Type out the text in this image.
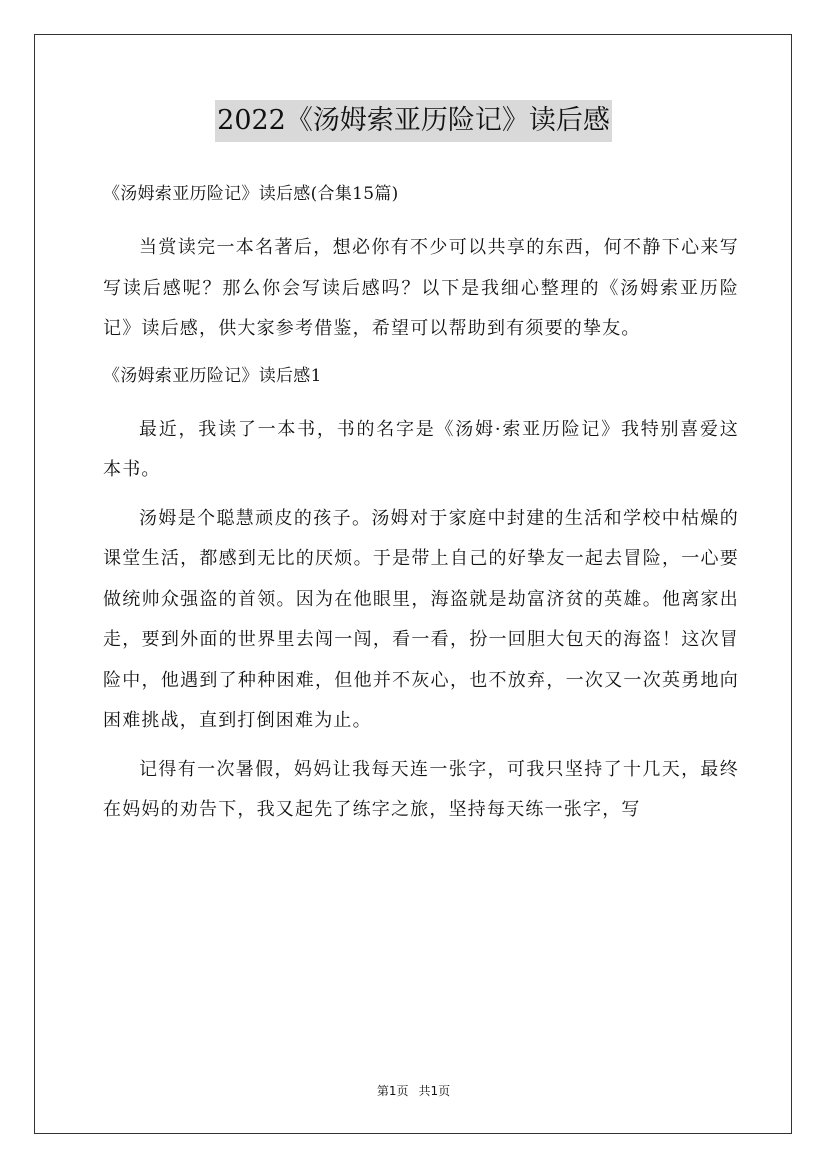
2022《汤姆索亚历险记》读后感

《汤姆索亚历险记》读后感(合集15篇)

当赏读完一本名著后，想必你有不少可以共享的东西，何不静下心来写写读后感呢？那么你会写读后感吗？以下是我细心整理的《汤姆索亚历险记》读后感，供大家参考借鉴，希望可以帮助到有须要的挚友。

《汤姆索亚历险记》读后感1

最近，我读了一本书，书的名字是《汤姆·索亚历险记》我特别喜爱这本书。

汤姆是个聪慧顽皮的孩子。汤姆对于家庭中封建的生活和学校中枯燥的课堂生活，都感到无比的厌烦。于是带上自己的好挚友一起去冒险，一心要做统帅众强盗的首领。因为在他眼里，海盗就是劫富济贫的英雄。他离家出走，要到外面的世界里去闯一闯，看一看，扮一回胆大包天的海盗！这次冒险中，他遇到了种种困难，但他并不灰心，也不放弃，一次又一次英勇地向困难挑战，直到打倒困难为止。

记得有一次暑假，妈妈让我每天连一张字，可我只坚持了十几天，最终在妈妈的劝告下，我又起先了练字之旅，坚持每天练一张字，写

第1页 共1页
